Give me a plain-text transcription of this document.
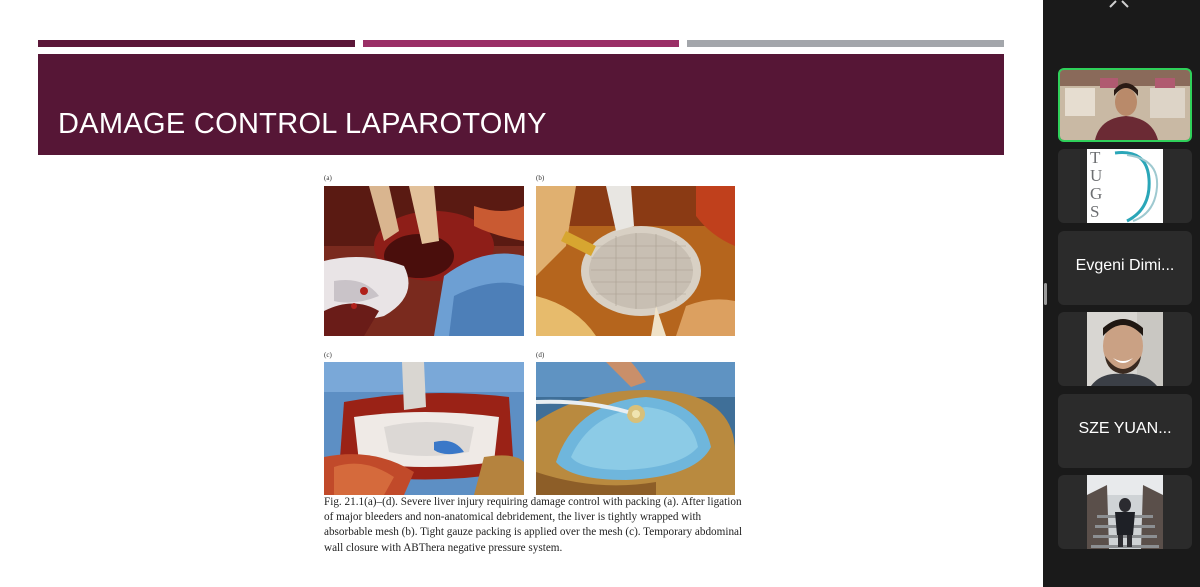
DAMAGE CONTROL LAPAROTOMY
(a)	(b)
(c)	(d)
Fig. 21.1(a)–(d). Severe liver injury requiring damage control with packing (a). After ligation of major bleeders and non-anatomical debridement, the liver is tightly wrapped with absorbable mesh (b). Tight gauze packing is applied over the mesh (c). Temporary abdominal wall closure with ABThera negative pressure system.
T
U
G
S
Evgeni Dimi...
SZE YUAN...
